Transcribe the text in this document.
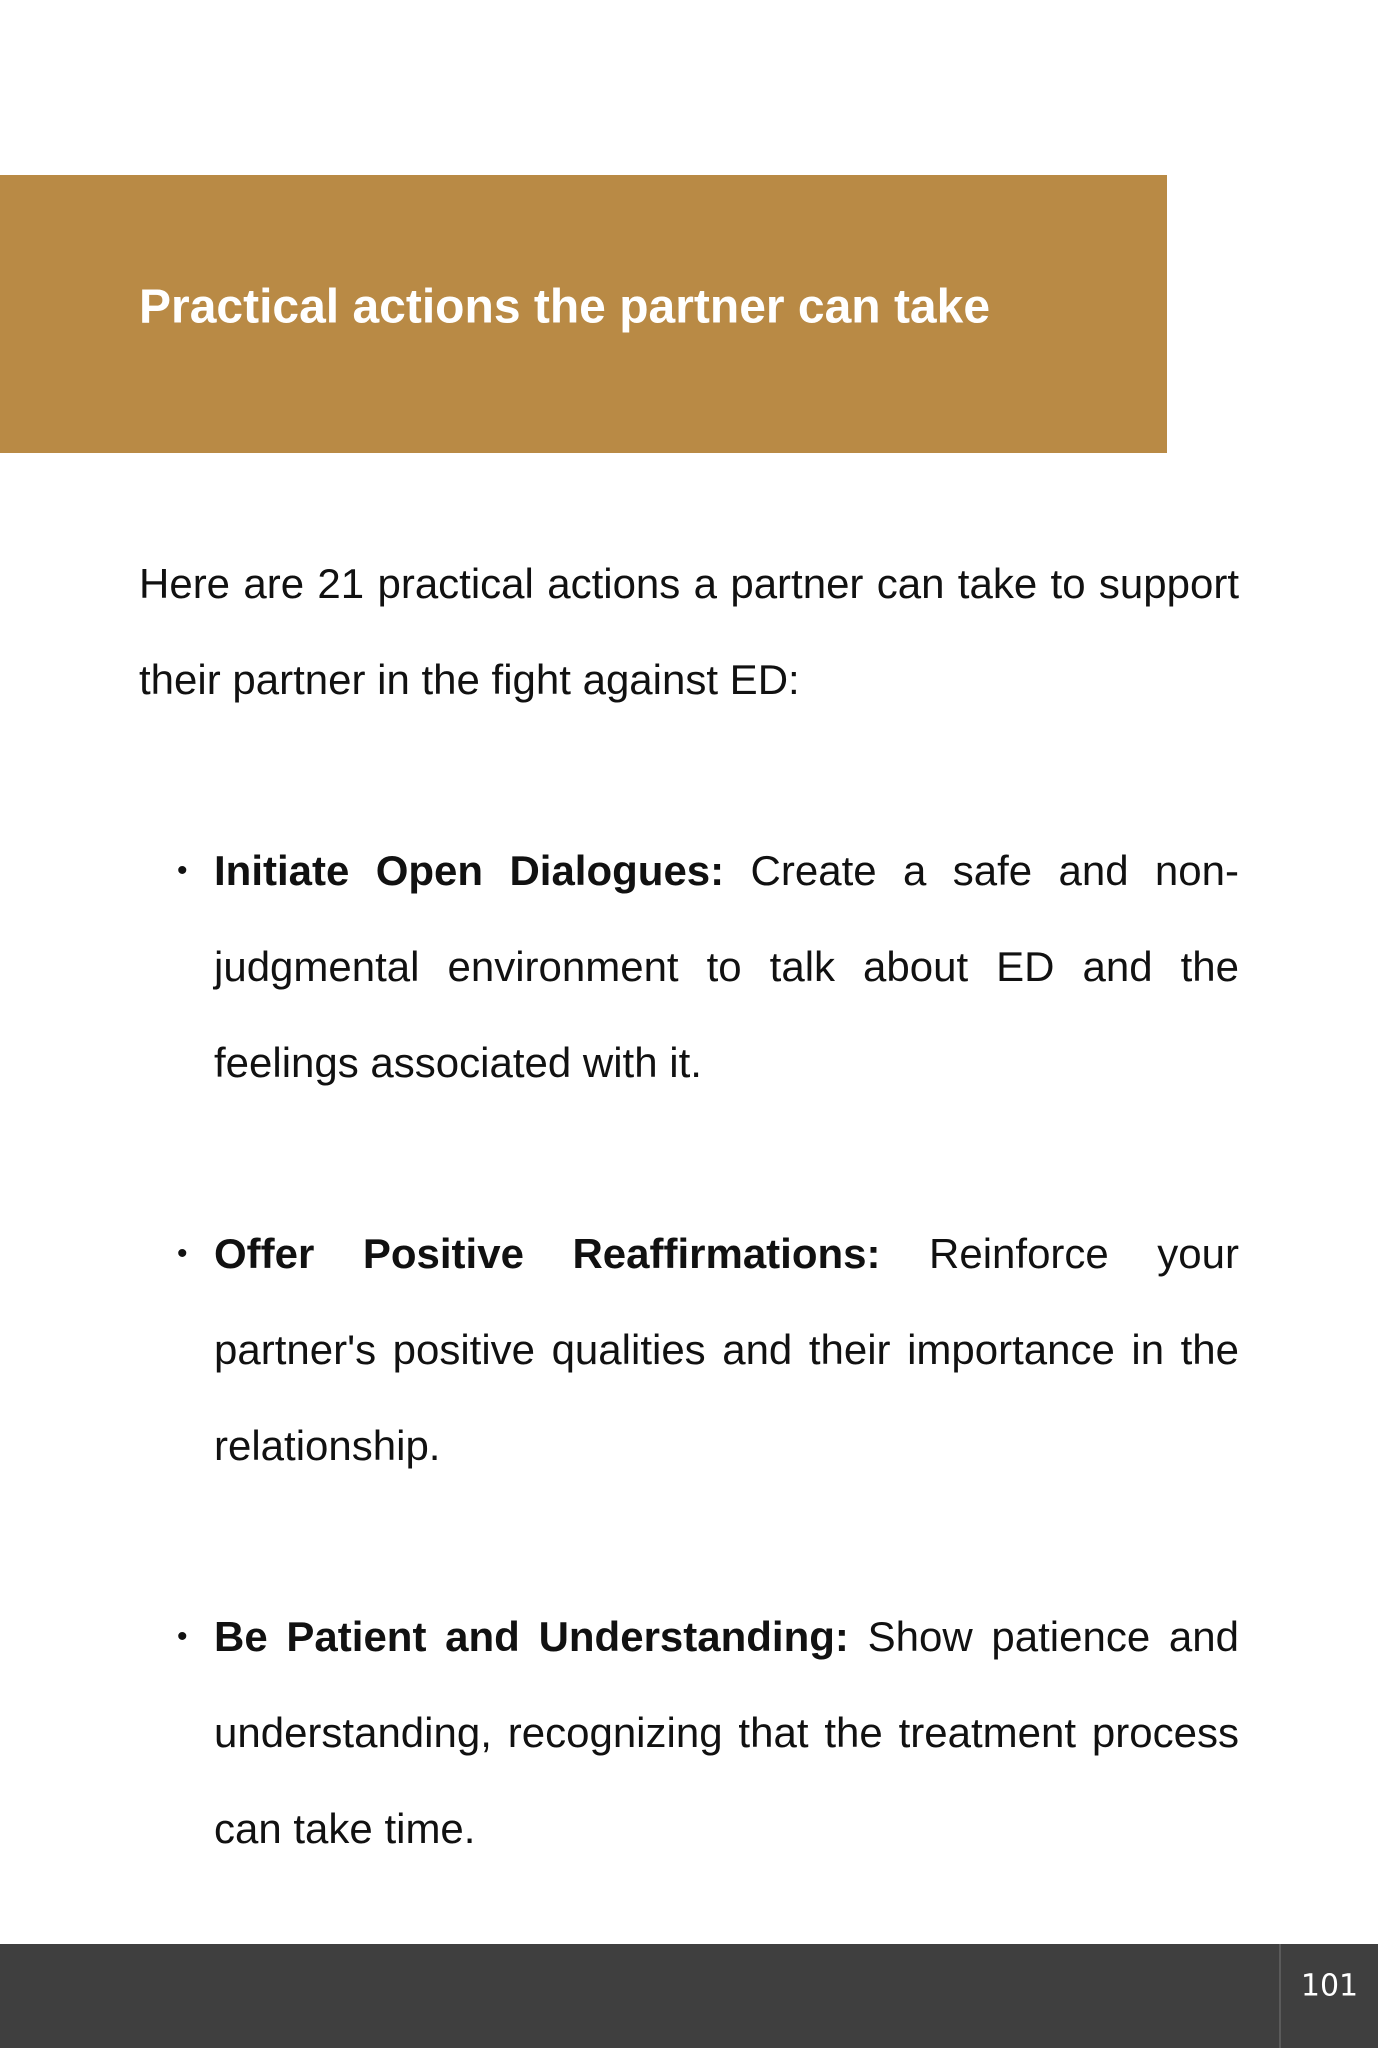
Practical actions the partner can take

Here are 21 practical actions a partner can take to support their partner in the fight against ED:

• Initiate Open Dialogues: Create a safe and non-judgmental environment to talk about ED and the feelings associated with it.
• Offer Positive Reaffirmations: Reinforce your partner's positive qualities and their importance in the relationship.
• Be Patient and Understanding: Show patience and understanding, recognizing that the treatment process can take time.
101
